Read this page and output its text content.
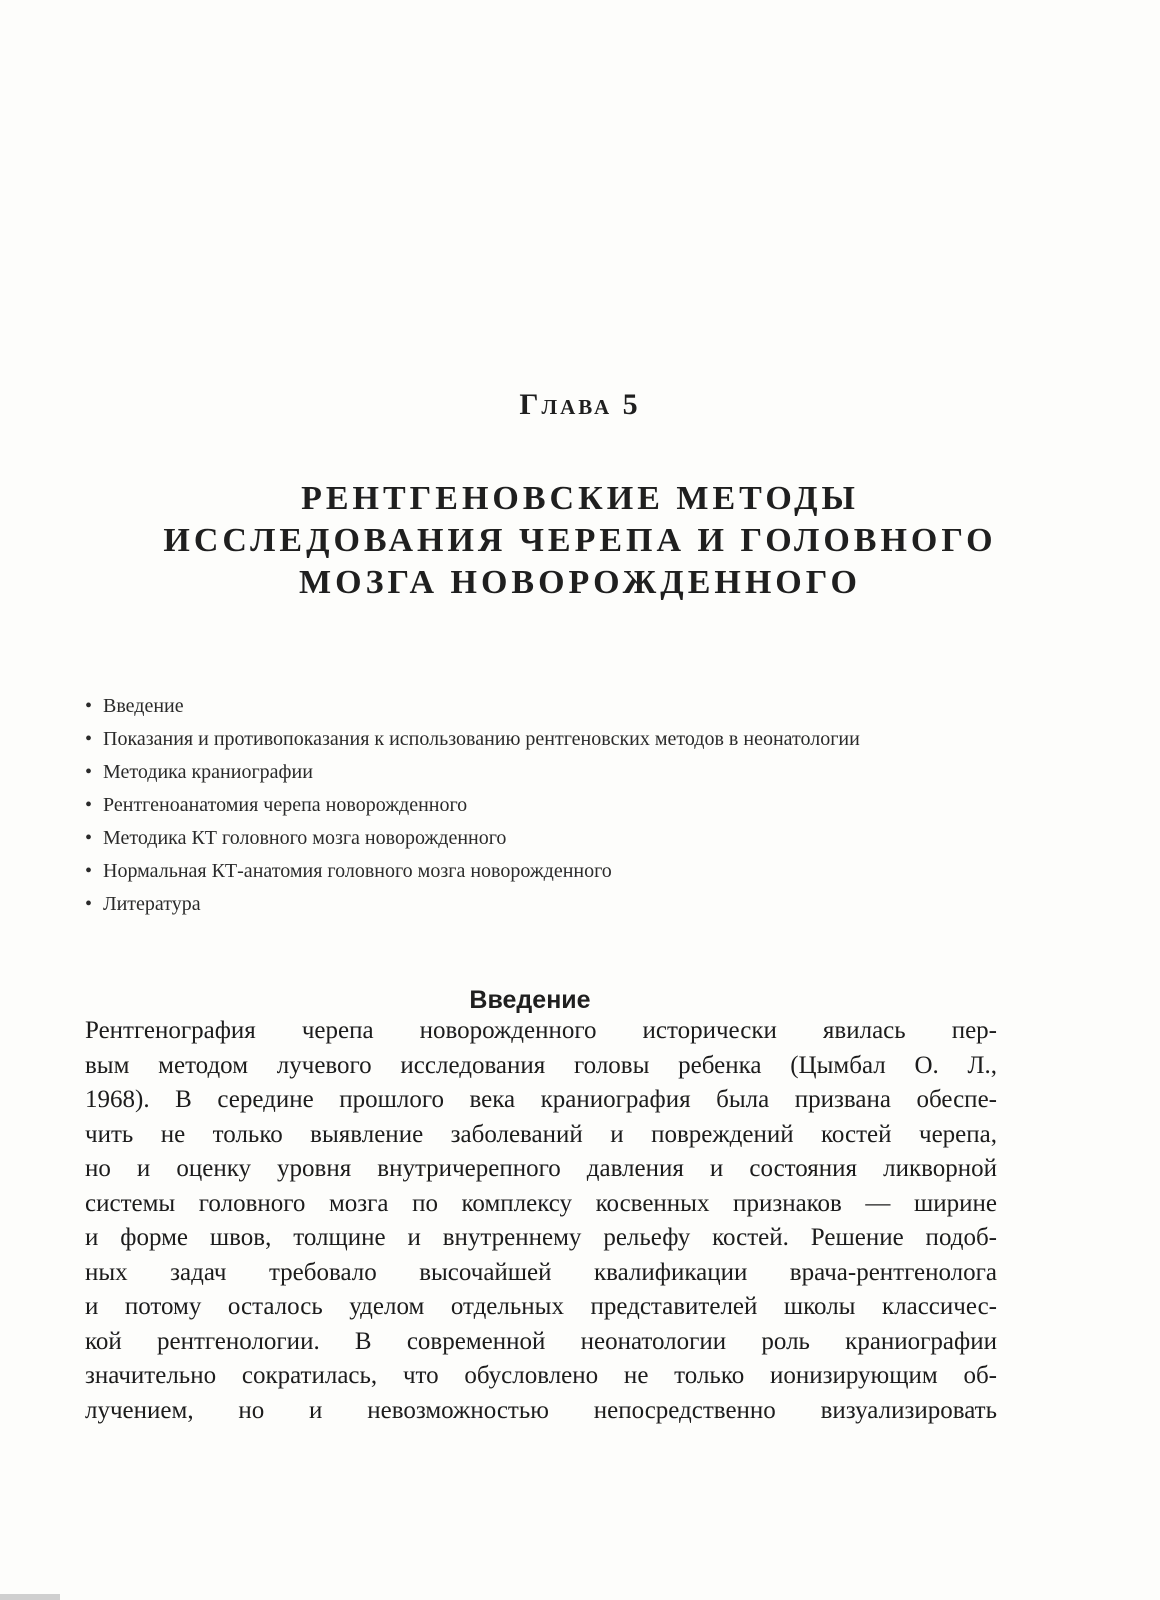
Глава 5
РЕНТГЕНОВСКИЕ МЕТОДЫ
ИССЛЕДОВАНИЯ ЧЕРЕПА И ГОЛОВНОГО
МОЗГА НОВОРОЖДЕННОГО
• Введение
• Показания и противопоказания к использованию рентгеновских методов в неонатологии
• Методика краниографии
• Рентгеноанатомия черепа новорожденного
• Методика КТ головного мозга новорожденного
• Нормальная КТ-анатомия головного мозга новорожденного
• Литература
Введение
Рентгенография черепа новорожденного исторически явилась пер-
вым методом лучевого исследования головы ребенка (Цымбал О. Л.,
1968). В середине прошлого века краниография была призвана обеспе-
чить не только выявление заболеваний и повреждений костей черепа,
но и оценку уровня внутричерепного давления и состояния ликворной
системы головного мозга по комплексу косвенных признаков — ширине
и форме швов, толщине и внутреннему рельефу костей. Решение подоб-
ных задач требовало высочайшей квалификации врача-рентгенолога
и потому осталось уделом отдельных представителей школы классичес-
кой рентгенологии. В современной неонатологии роль краниографии
значительно сократилась, что обусловлено не только ионизирующим об-
лучением, но и невозможностью непосредственно визуализировать
